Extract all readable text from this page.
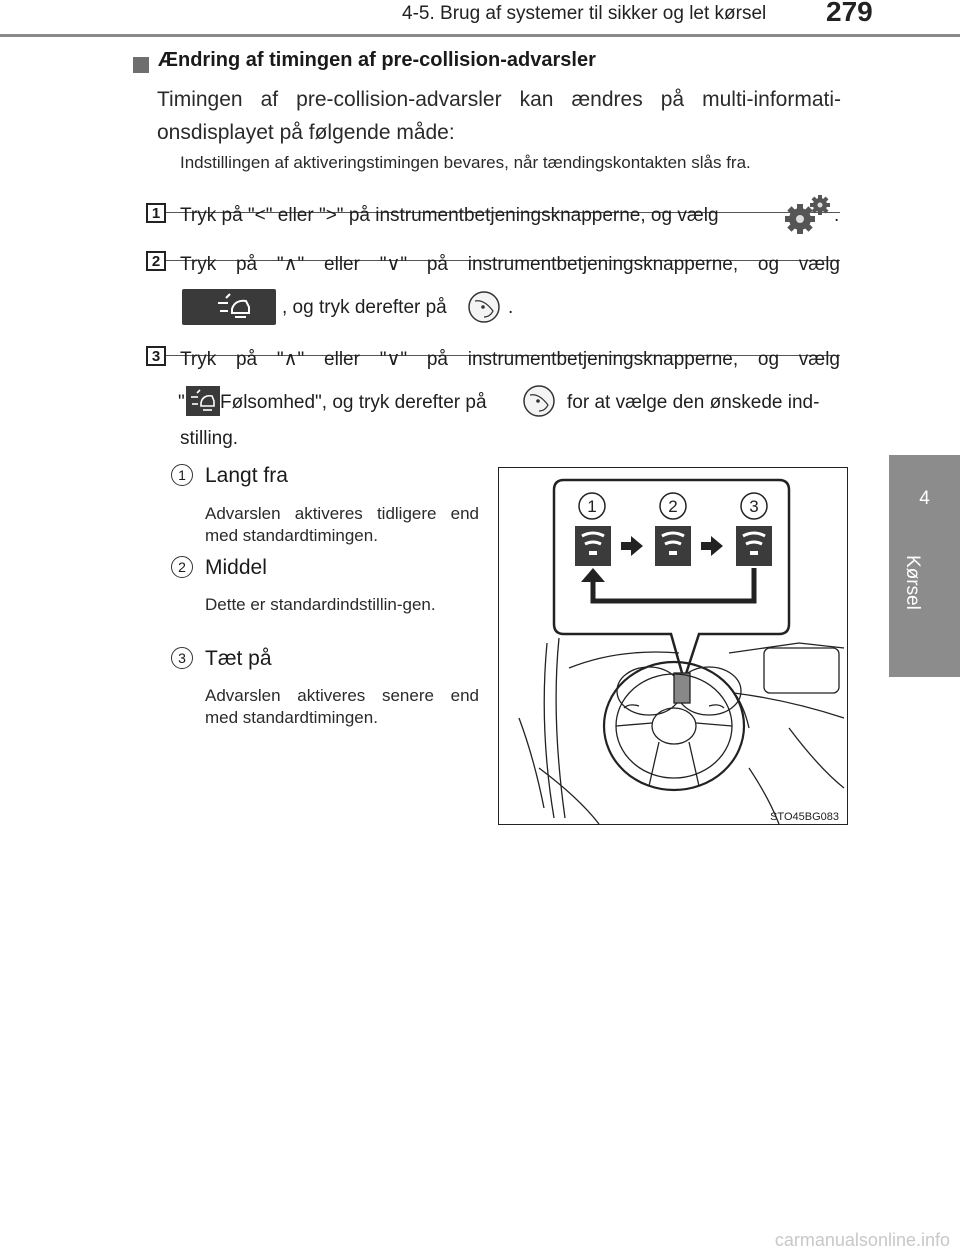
4-5. Brug af systemer til sikker og let kørsel 279
4
Kørsel
Ændring af timingen af pre-collision-advarsler
Timingen af pre-collision-advarsler kan ændres på multi-informati-onsdisplayet på følgende måde:
Indstillingen af aktiveringstimingen bevares, når tændingskontakten slås fra.
1	Tryk på "<" eller ">" på instrumentbetjeningsknapperne, og vælg	.
2	Tryk på "∧" eller "∨" på instrumentbetjeningsknapperne, og vælg
, og tryk derefter på	.
3	Tryk på "∧" eller "∨" på instrumentbetjeningsknapperne, og vælg
" Følsomhed", og tryk derefter på	for at vælge den ønskede ind-
stilling.
1 Langt fra
Advarslen aktiveres tidligere end med standardtimingen.
2 Middel
Dette er standardindstillin-gen.
3 Tæt på
Advarslen aktiveres senere end med standardtimingen.
1	2	3
STO45BG083
carmanualsonline.info
